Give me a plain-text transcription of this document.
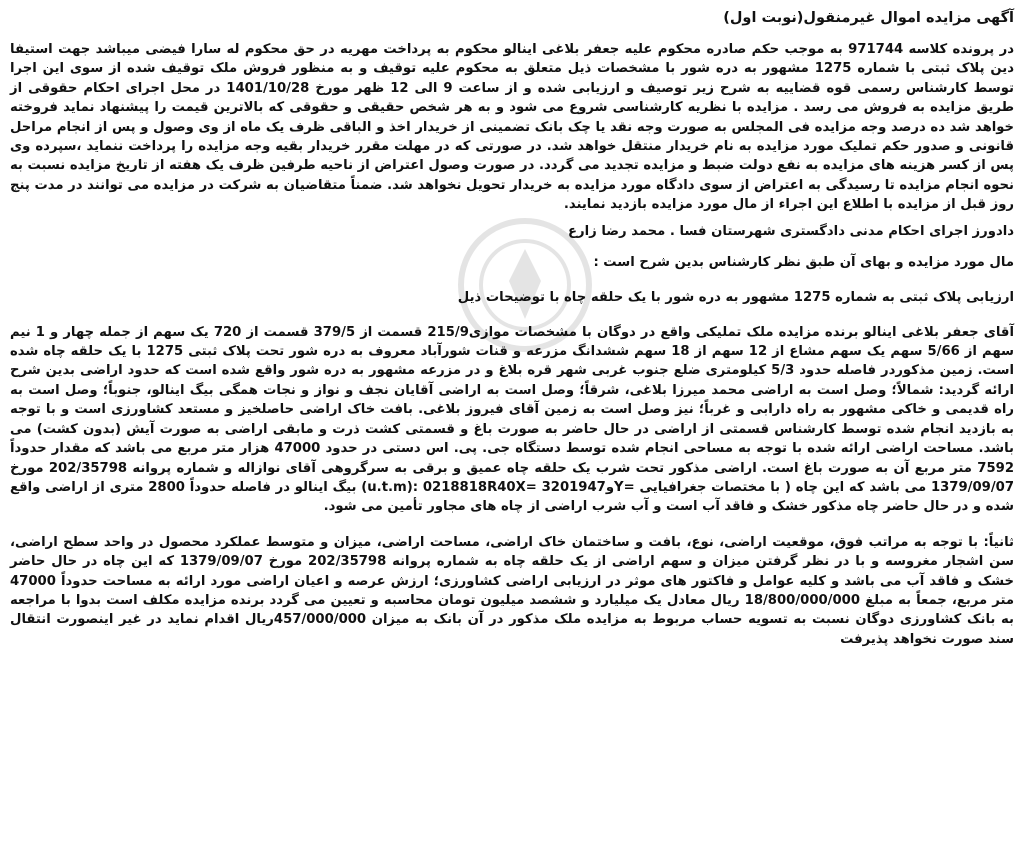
آگهی مزایده اموال غیرمنقول(نوبت اول)

در پرونده کلاسه 971744 به موجب حکم صادره محکوم علیه جعفر بلاغی اینالو محکوم به پرداخت مهریه در حق محکوم له سارا فیضی میباشد جهت استیفا دین پلاک ثبتی با شماره 1275 مشهور به دره شور با مشخصات ذیل متعلق به محکوم علیه توقیف و به منظور فروش ملک توقیف شده از سوی این اجرا توسط کارشناس رسمی قوه قضاییه به شرح زیر توصیف و ارزیابی شده و از ساعت 9 الی 12 ظهر مورخ 1401/10/28 در محل اجرای احکام حقوقی از طریق مزایده به فروش می رسد . مزایده با نظریه کارشناسی شروع می شود و به هر شخص حقیقی و حقوقی که بالاترین قیمت را پیشنهاد نماید فروخته خواهد شد ده درصد وجه مزایده فی المجلس به صورت وجه نقد یا چک بانک تضمینی از خریدار اخذ و الباقی ظرف یک ماه از وی وصول و پس از انجام مراحل قانونی و صدور حکم تملیک مورد مزایده به نام خریدار منتقل خواهد شد. در صورتی که در مهلت مقرر خریدار بقیه وجه مزایده را پرداخت ننماید ،سپرده وی پس از کسر هزینه های مزایده به نفع دولت ضبط و مزایده تجدید می گردد. در صورت وصول اعتراض از ناحیه طرفین ظرف یک هفته از تاریخ مزایده نسبت به نحوه انجام مزایده تا رسیدگی به اعتراض از سوی دادگاه مورد مزایده به خریدار تحویل نخواهد شد. ضمناً متقاضیان به شرکت در مزایده می توانند در مدت پنج روز قبل از مزایده با اطلاع این اجراء از مال مورد مزایده بازدید نمایند.

دادورز اجرای احکام مدنی دادگستری شهرستان فسا . محمد رضا زارع

مال مورد مزایده و بهای آن طبق نظر کارشناس بدین شرح است :

ارزیابی پلاک ثبتی به شماره 1275 مشهور به دره شور با یک حلقه چاه با توضیحات ذیل

آقای جعفر بلاغی اینالو برنده مزایده ملک تملیکی واقع در دوگان با مشخصات موازی215/9 قسمت از 379/5 قسمت از 720 یک سهم از جمله چهار و 1 نیم سهم از 5/66 سهم یک سهم مشاع از 12 سهم از 18 سهم ششدانگ مزرعه و قنات شورآباد معروف به دره شور تحت پلاک ثبتی 1275 با یک حلقه چاه شده است. زمین مذکوردر فاصله حدود 5/3 کیلومتری ضلع جنوب غربی شهر قره بلاغ و در مزرعه مشهور به دره شور واقع شده است که حدود اراضی بدین شرح ارائه گردید: شمالاً؛ وصل است به اراضی محمد میرزا بلاغی، شرقاً؛ وصل است به اراضی آقایان نجف و نواز و نجات همگی بیگ اینالو، جنوباً؛ وصل است به راه قدیمی و خاکی مشهور به راه دارابی و غرباً؛ نیز وصل است به زمین آقای فیروز بلاغی. بافت خاک اراضی حاصلخیز و مستعد کشاورزی است و با توجه به بازدید انجام شده توسط کارشناس قسمتی از اراضی در حال حاضر به صورت باغ و قسمتی کشت ذرت و مابقی اراضی به صورت آیش (بدون کشت) می باشد. مساحت اراضی ارائه شده با توجه به مساحی انجام شده توسط دستگاه جی. پی. اس دستی در حدود 47000 هزار متر مربع می باشد که مقدار حدوداً 7592 متر مربع آن به صورت باغ است. اراضی مذکور تحت شرب یک حلقه چاه عمیق و برقی به سرگروهی آقای نوازاله و شماره پروانه 202/35798 مورخ 1379/09/07 می باشد که این چاه ( با مختصات جغرافیایی (u.t.m): 0218818R40X= 3201947وY= بیگ اینالو در فاصله حدوداً 2800 متری از اراضی واقع شده و در حال حاضر چاه مذکور خشک و فاقد آب است و آب شرب اراضی از چاه های مجاور تأمین می شود.

ثانیاً: با توجه به مراتب فوق، موقعیت اراضی، نوع، بافت و ساختمان خاک اراضی، مساحت اراضی، میزان و متوسط عملکرد محصول در واحد سطح اراضی، سن اشجار مغروسه و با در نظر گرفتن میزان و سهم اراضی از یک حلقه چاه به شماره پروانه 202/35798 مورخ 1379/09/07 که این چاه در حال حاضر خشک و فاقد آب می باشد و کلیه عوامل و فاکتور های موثر در ارزیابی اراضی کشاورزی؛ ارزش عرصه و اعیان اراضی مورد ارائه به مساحت حدوداً 47000 متر مربع، جمعاً به مبلغ 18/800/000/000 ریال معادل یک میلیارد و ششصد میلیون تومان محاسبه و تعیین می گردد برنده مزایده مکلف است بدوا با مراجعه به بانک کشاورزی دوگان نسبت به تسویه حساب مربوط به مزایده ملک مذکور در آن بانک به میزان 457/000/000ریال اقدام نماید در غیر اینصورت انتقال سند صورت نخواهد پذیرفت
